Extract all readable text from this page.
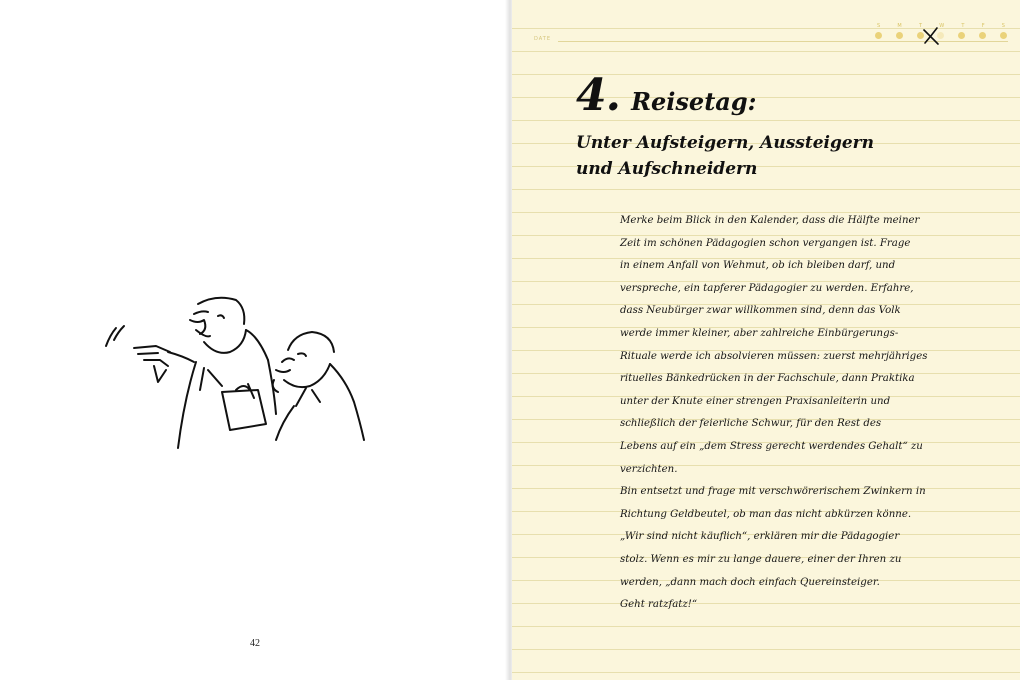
42
DATE
S	M	T	W	T	F	S
4. Reisetag:
Unter Aufsteigern, Aussteigern
und Aufschneidern

Merke beim Blick in den Kalender, dass die Hälfte meiner
Zeit im schönen Pädagogien schon vergangen ist. Frage
in einem Anfall von Wehmut, ob ich bleiben darf, und
verspreche, ein tapferer Pädagogier zu werden. Erfahre,
dass Neubürger zwar willkommen sind, denn das Volk
werde immer kleiner, aber zahlreiche Einbürgerungs-
Rituale werde ich absolvieren müssen: zuerst mehrjähriges
rituelles Bänkedrücken in der Fachschule, dann Praktika
unter der Knute einer strengen Praxisanleiterin und
schließlich der feierliche Schwur, für den Rest des
Lebens auf ein „dem Stress gerecht werdendes Gehalt“ zu
verzichten.
Bin entsetzt und frage mit verschwörerischem Zwinkern in
Richtung Geldbeutel, ob man das nicht abkürzen könne.
„Wir sind nicht käuflich“, erklären mir die Pädagogier
stolz. Wenn es mir zu lange dauere, einer der Ihren zu
werden, „dann mach doch einfach Quereinsteiger.
Geht ratzfatz!“
